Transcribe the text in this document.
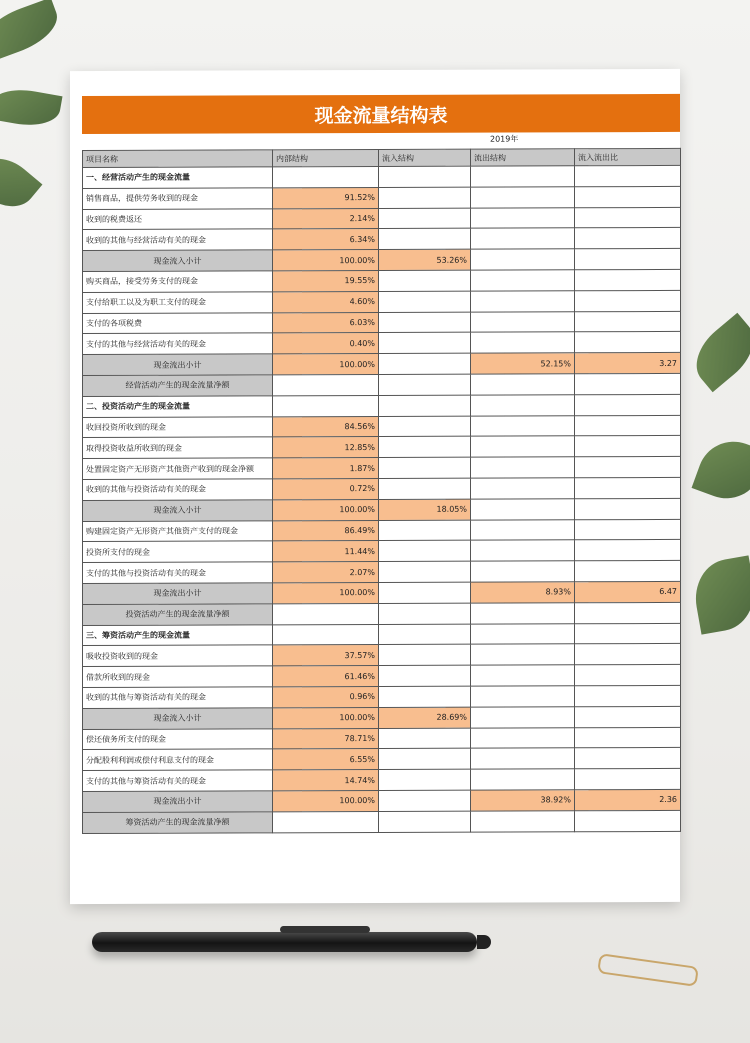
现金流量结构表
2019年
项目名称	内部结构	流入结构	流出结构	流入流出比
一、经营活动产生的现金流量				
销售商品，提供劳务收到的现金	91.52%			
收到的税费返还	2.14%			
收到的其他与经营活动有关的现金	6.34%			
现金流入小计	100.00%	53.26%		
购买商品，接受劳务支付的现金	19.55%			
支付给职工以及为职工支付的现金	4.60%			
支付的各项税费	6.03%			
支付的其他与经营活动有关的现金	0.40%			
现金流出小计	100.00%		52.15%	3.27
经营活动产生的现金流量净额				
二、投资活动产生的现金流量				
收回投资所收到的现金	84.56%			
取得投资收益所收到的现金	12.85%			
处置固定资产无形资产其他资产收到的现金净额	1.87%			
收到的其他与投资活动有关的现金	0.72%			
现金流入小计	100.00%	18.05%		
购建固定资产无形资产其他资产支付的现金	86.49%			
投资所支付的现金	11.44%			
支付的其他与投资活动有关的现金	2.07%			
现金流出小计	100.00%		8.93%	6.47
投资活动产生的现金流量净额				
三、筹资活动产生的现金流量				
吸收投资收到的现金	37.57%			
借款所收到的现金	61.46%			
收到的其他与筹资活动有关的现金	0.96%			
现金流入小计	100.00%	28.69%		
偿还债务所支付的现金	78.71%			
分配股利利润或偿付利息支付的现金	6.55%			
支付的其他与筹资活动有关的现金	14.74%			
现金流出小计	100.00%		38.92%	2.36
筹资活动产生的现金流量净额				
